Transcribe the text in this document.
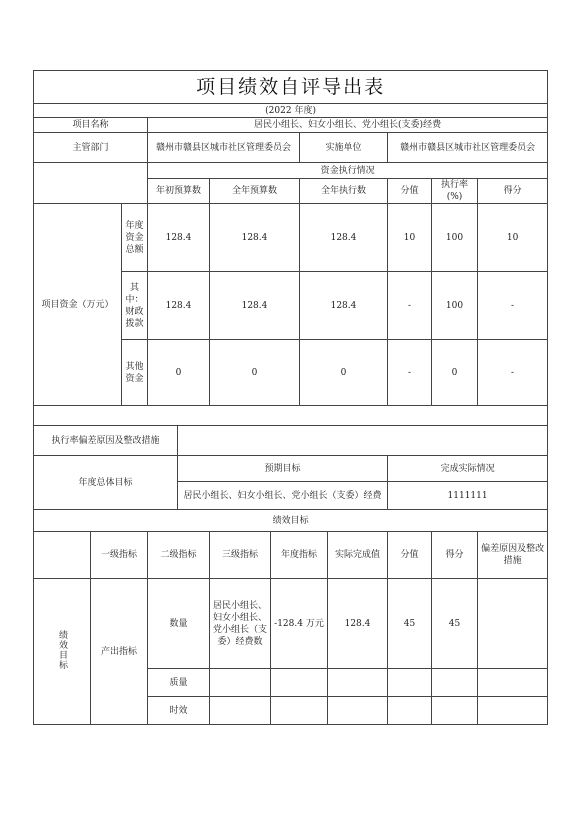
项目绩效自评导出表											
(2022 年度)											
项目名称			居民小组长、妇女小组长、党小组长(支委)经费								
主管部门			赣州市赣县区城市社区管理委员会				实施单位		赣州市赣县区城市社区管理委员会		
			资金执行情况								
			年初预算数		全年预算数		全年执行数		分值	执行率(%)	得分
项目资金（万元）		年度资金总额	128.4		128.4		128.4		10	100	10
		其中：财政拨款	128.4		128.4		128.4		-	100	-
		其他资金	0		0		0		-	0	-

执行率偏差原因及整改措施											
年度总体目标				预期目标					完成实际情况		
				居民小组长、妇女小组长、党小组长（支委）经费					1111111		
绩效目标											
	一级指标		二级指标		三级指标	年度指标		实际完成值	分值	得分	偏差原因及整改措施
绩效目标	产出指标		数量		居民小组长、妇女小组长、党小组长（支委）经费数	-128.4 万元		128.4	45	45	
			质量								
			时效								
